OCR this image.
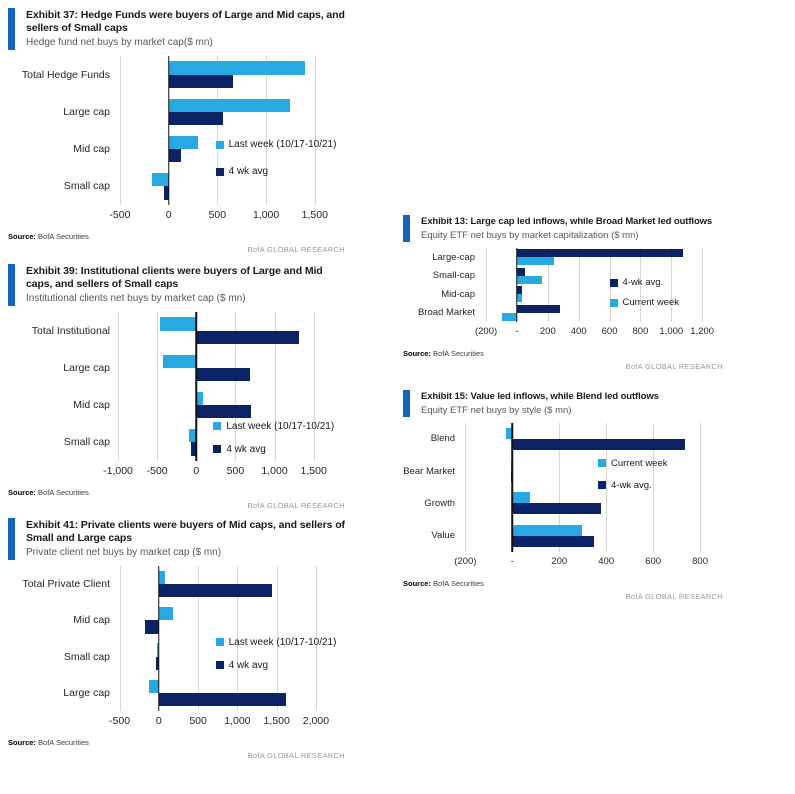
Exhibit 37: Hedge Funds were buyers of Large and Mid caps, and sellers of Small caps

Hedge fund net buys by market cap($ mn)

Total Hedge Funds
Large cap
Mid cap
Small cap
Last week (10/17-10/21)
4 wk avg
-500	0	500	1,000 1,500
Source: BofA Securities
BofA GLOBAL RESEARCH
Exhibit 39: Institutional clients were buyers of Large and Mid caps, and sellers of Small caps

Institutional clients net buys by market cap ($ mn)

Total Institutional
Large cap
Mid cap
Small cap
Last week (10/17-10/21)
4 wk avg
-1,000 -500 0	500 1,000 1,500
Source: BofA Securities
BofA GLOBAL RESEARCH
Exhibit 41: Private clients were buyers of Mid caps, and sellers of Small and Large caps

Private client net buys by market cap ($ mn)

Total Private Client
Mid cap
Small cap
Large cap
Last week (10/17-10/21)
4 wk avg
-500 0	500 1,000 1,500 2,000
Source: BofA Securities
BofA GLOBAL RESEARCH
Exhibit 13: Large cap led inflows, while Broad Market led outflows

Equity ETF net buys by market capitalization ($ mn)

Large-cap
Small-cap
Mid-cap
Broad Market
4-wk avg.
Current week
(200) - 200 400 600 800 1,000 1,200
Source: BofA Securities
BofA GLOBAL RESEARCH
Exhibit 15: Value led inflows, while Blend led outflows

Equity ETF net buys by style ($ mn)

Blend
Bear Market
Growth
Value
Current week
4-wk avg.
(200)	-	200	400	600	800
Source: BofA Securities
BofA GLOBAL RESEARCH
